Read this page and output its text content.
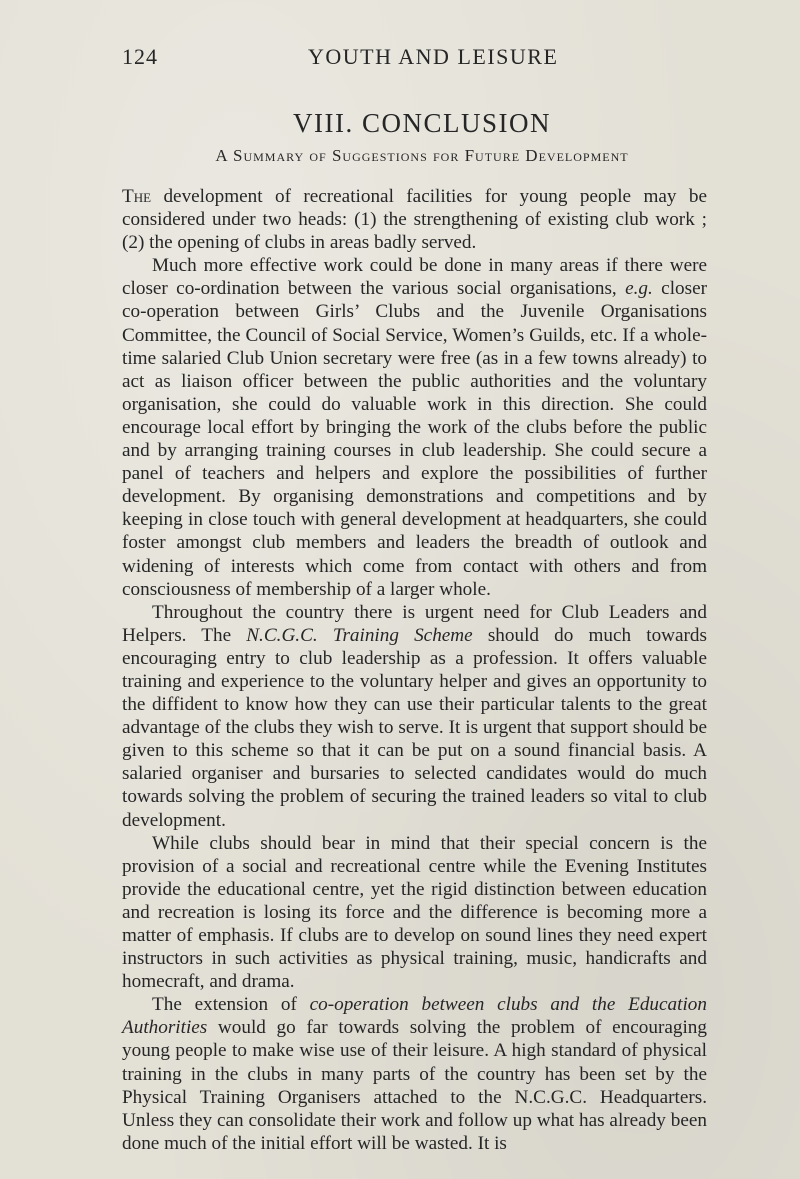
124	YOUTH AND LEISURE
VIII. CONCLUSION
A Summary of Suggestions for Future Development

The development of recreational facilities for young people may be considered under two heads: (1) the strengthening of existing club work ; (2) the opening of clubs in areas badly served.

Much more effective work could be done in many areas if there were closer co-ordination between the various social organisations, e.g. closer co-operation between Girls’ Clubs and the Juvenile Organisations Committee, the Council of Social Service, Women’s Guilds, etc. If a whole-time salaried Club Union secretary were free (as in a few towns already) to act as liaison officer between the public authorities and the voluntary organisation, she could do valuable work in this direction. She could encourage local effort by bringing the work of the clubs before the public and by arranging training courses in club leadership. She could secure a panel of teachers and helpers and explore the possibilities of further development. By organising demonstrations and competitions and by keeping in close touch with general development at headquarters, she could foster amongst club members and leaders the breadth of outlook and widening of interests which come from contact with others and from consciousness of membership of a larger whole.

Throughout the country there is urgent need for Club Leaders and Helpers. The N.C.G.C. Training Scheme should do much towards encouraging entry to club leadership as a profession. It offers valuable training and experience to the voluntary helper and gives an opportunity to the diffident to know how they can use their particular talents to the great advantage of the clubs they wish to serve. It is urgent that support should be given to this scheme so that it can be put on a sound financial basis. A salaried organiser and bursaries to selected candidates would do much towards solving the problem of securing the trained leaders so vital to club development.

While clubs should bear in mind that their special concern is the provision of a social and recreational centre while the Evening Institutes provide the educational centre, yet the rigid distinction between education and recreation is losing its force and the difference is becoming more a matter of emphasis. If clubs are to develop on sound lines they need expert instructors in such activities as physical training, music, handicrafts and homecraft, and drama.

The extension of co-operation between clubs and the Education Authorities would go far towards solving the problem of encouraging young people to make wise use of their leisure. A high standard of physical training in the clubs in many parts of the country has been set by the Physical Training Organisers attached to the N.C.G.C. Headquarters. Unless they can consolidate their work and follow up what has already been done much of the initial effort will be wasted. It is
